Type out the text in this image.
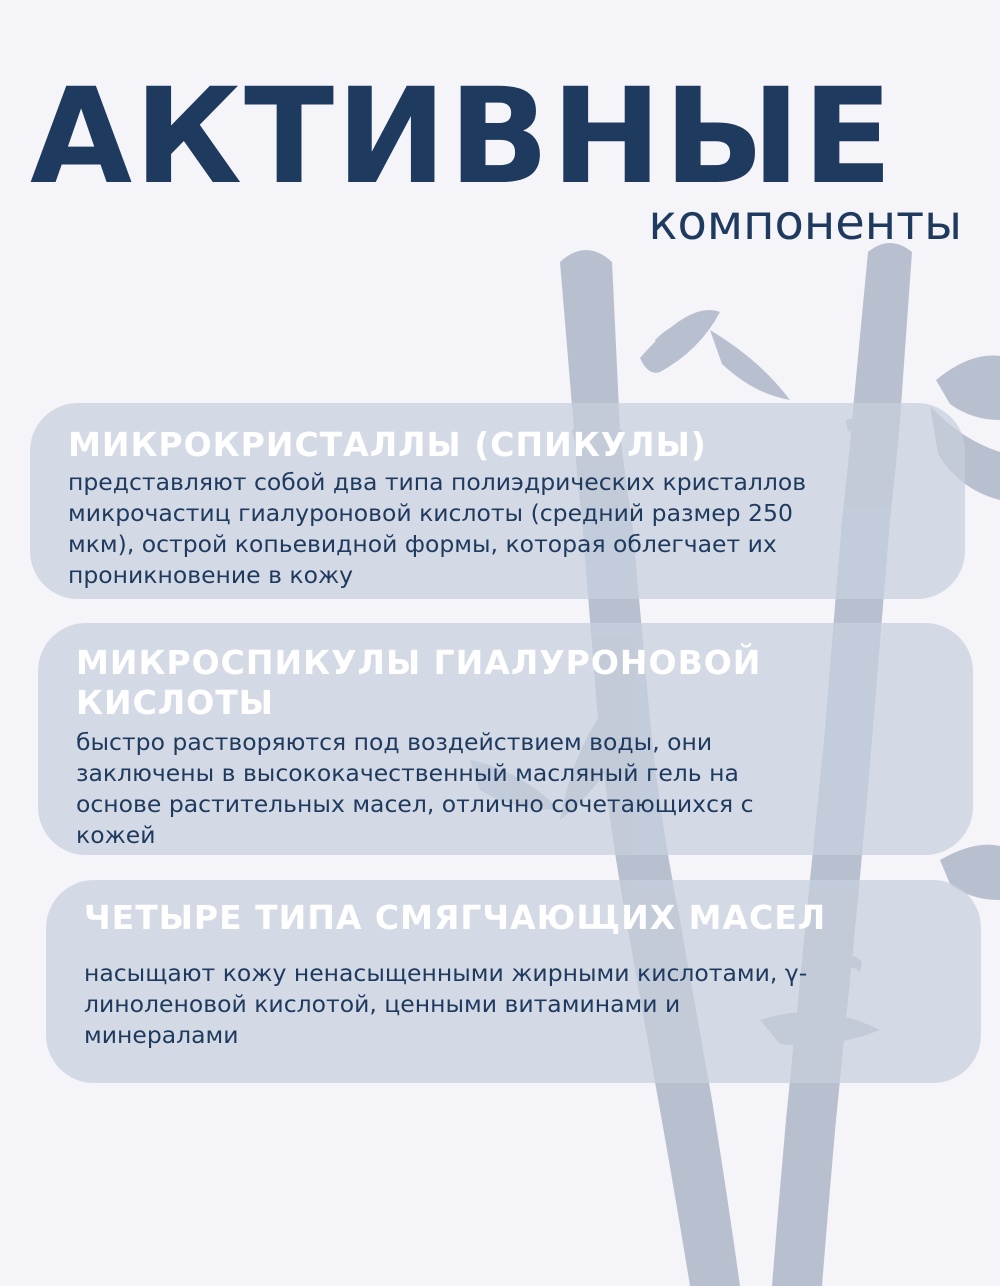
АКТИВНЫЕ
компоненты
МИКРОКРИСТАЛЛЫ (СПИКУЛЫ)

представляют собой два типа полиэдрических кристаллов
микрочастиц гиалуроновой кислоты (средний размер 250
мкм), острой копьевидной формы, которая облегчает их
проникновение в кожу

МИКРОСПИКУЛЫ ГИАЛУРОНОВОЙ
КИСЛОТЫ

быстро растворяются под воздействием воды, они
заключены в высококачественный масляный гель на
основе растительных масел, отлично сочетающихся с
кожей

ЧЕТЫРЕ ТИПА СМЯГЧАЮЩИХ МАСЕЛ

насыщают кожу ненасыщенными жирными кислотами, γ-
линоленовой кислотой, ценными витаминами и
минералами
